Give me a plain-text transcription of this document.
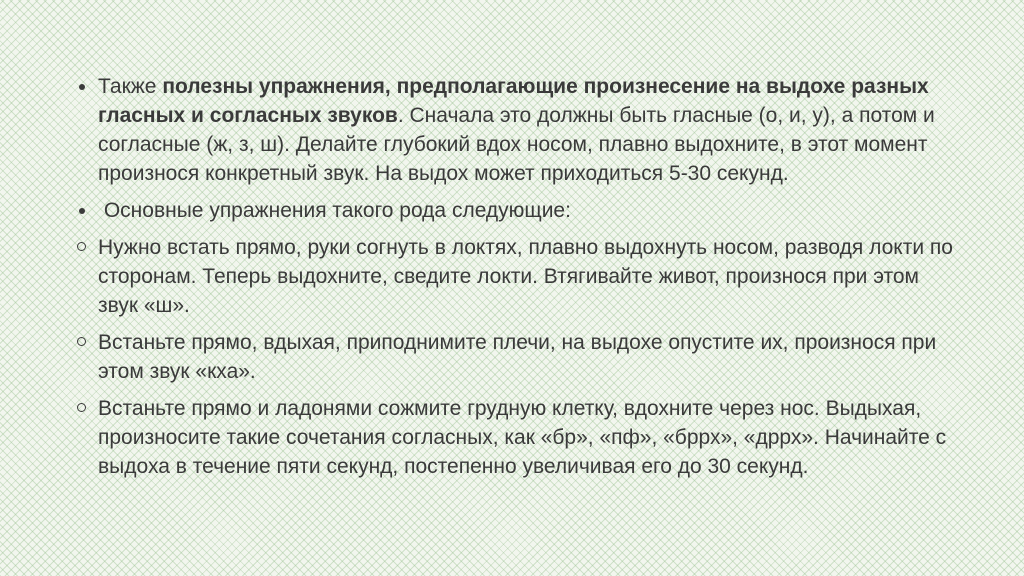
Также полезны упражнения, предполагающие произнесение на выдохе разных гласных и согласных звуков. Сначала это должны быть гласные (о, и, у), а потом и согласные (ж, з, ш). Делайте глубокий вдох носом, плавно выдохните, в этот момент произнося конкретный звук. На выдох может приходиться 5-30 секунд.
Основные упражнения такого рода следующие:
Нужно встать прямо, руки согнуть в локтях, плавно выдохнуть носом, разводя локти по сторонам. Теперь выдохните, сведите локти. Втягивайте живот, произнося при этом звук «ш».
Встаньте прямо, вдыхая, приподнимите плечи, на выдохе опустите их, произнося при этом звук «кха».
Встаньте прямо и ладонями сожмите грудную клетку, вдохните через нос. Выдыхая, произносите такие сочетания согласных, как «бр», «пф», «бррх», «дррх». Начинайте с выдоха в течение пяти секунд, постепенно увеличивая его до 30 секунд.
